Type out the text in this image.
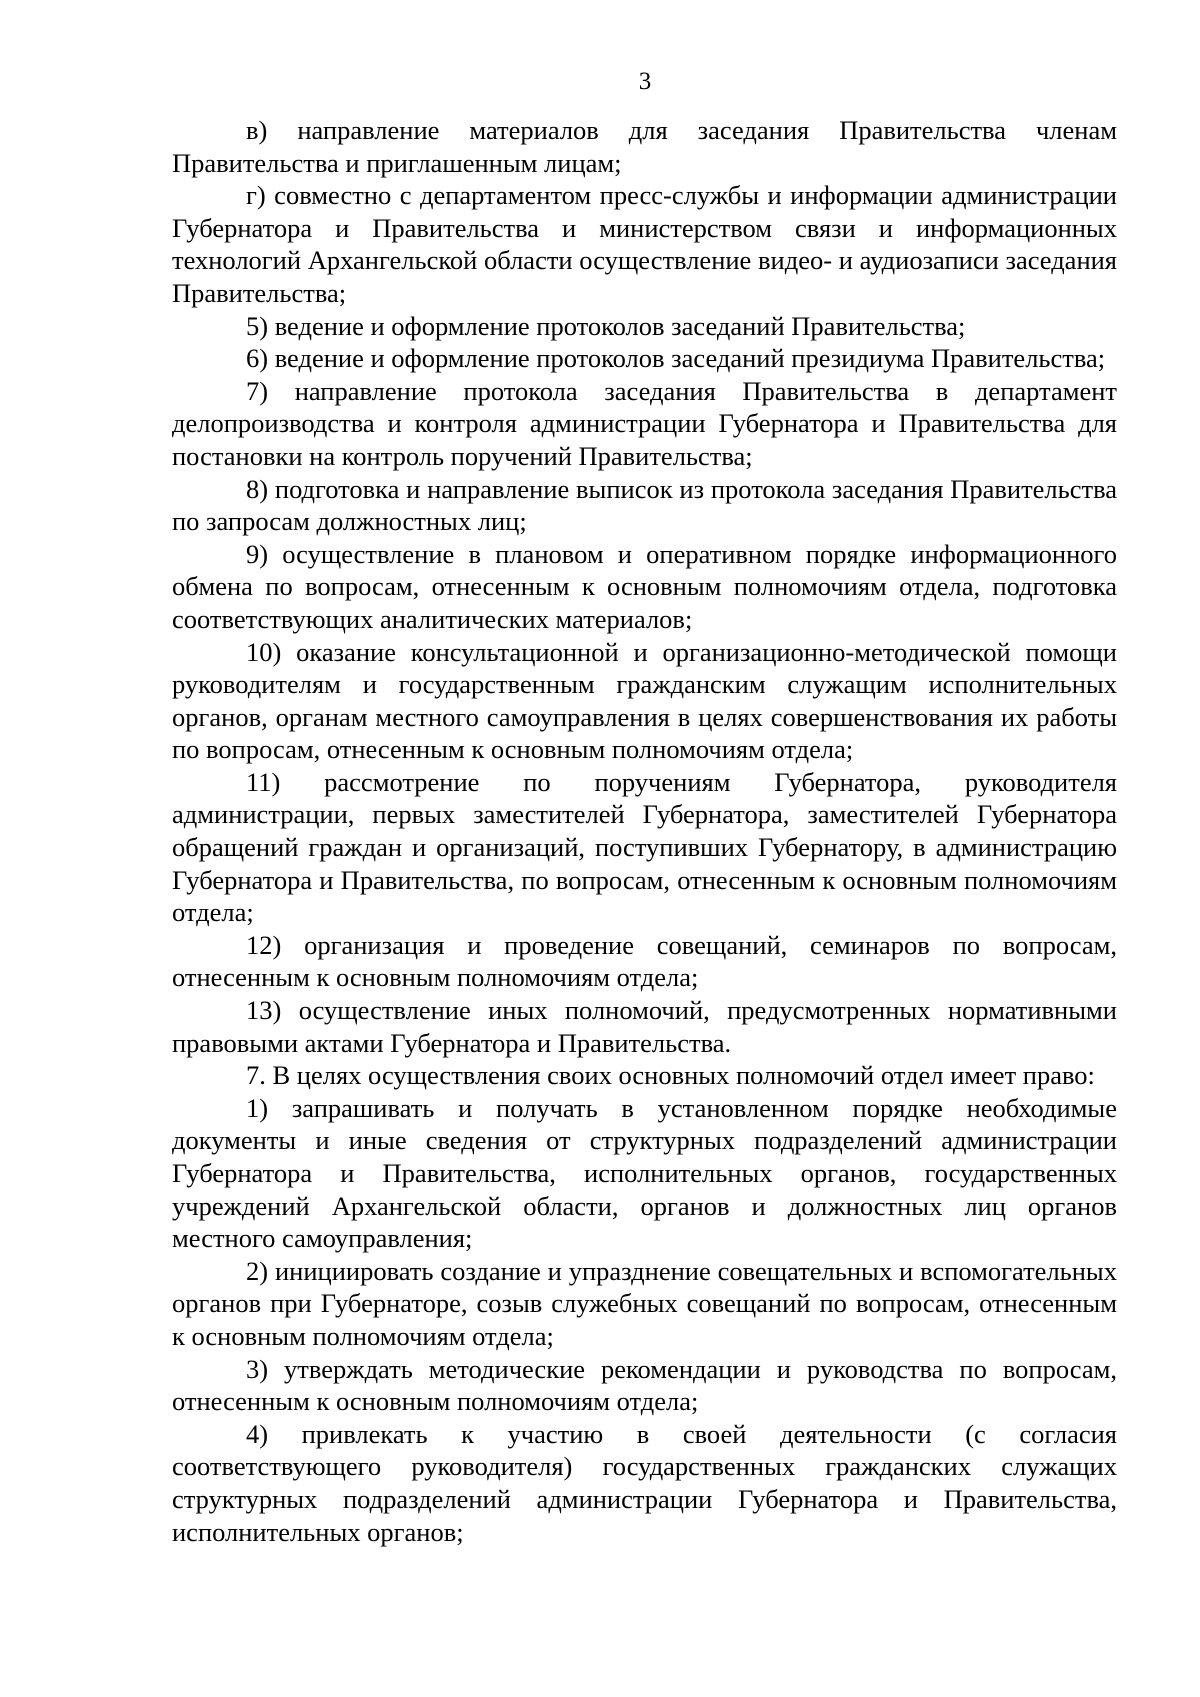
3

в) направление материалов для заседания Правительства членам Правительства и приглашенным лицам;

г) совместно с департаментом пресс-службы и информации администрации Губернатора и Правительства и министерством связи и информационных технологий Архангельской области осуществление видео- и аудиозаписи заседания Правительства;

5) ведение и оформление протоколов заседаний Правительства;

6) ведение и оформление протоколов заседаний президиума Правительства;

7) направление протокола заседания Правительства в департамент делопроизводства и контроля администрации Губернатора и Правительства для постановки на контроль поручений Правительства;

8) подготовка и направление выписок из протокола заседания Правительства по запросам должностных лиц;

9) осуществление в плановом и оперативном порядке информационного обмена по вопросам, отнесенным к основным полномочиям отдела, подготовка соответствующих аналитических материалов;

10) оказание консультационной и организационно-методической помощи руководителям и государственным гражданским служащим исполнительных органов, органам местного самоуправления в целях совершенствования их работы по вопросам, отнесенным к основным полномочиям отдела;

11) рассмотрение по поручениям Губернатора, руководителя администрации, первых заместителей Губернатора, заместителей Губернатора обращений граждан и организаций, поступивших Губернатору, в администрацию Губернатора и Правительства, по вопросам, отнесенным к основным полномочиям отдела;

12) организация и проведение совещаний, семинаров по вопросам, отнесенным к основным полномочиям отдела;

13) осуществление иных полномочий, предусмотренных нормативными правовыми актами Губернатора и Правительства.

7. В целях осуществления своих основных полномочий отдел имеет право:

1) запрашивать и получать в установленном порядке необходимые документы и иные сведения от структурных подразделений администрации Губернатора и Правительства, исполнительных органов, государственных учреждений Архангельской области, органов и должностных лиц органов местного самоуправления;

2) инициировать создание и упразднение совещательных и вспомогательных органов при Губернаторе, созыв служебных совещаний по вопросам, отнесенным к основным полномочиям отдела;

3) утверждать методические рекомендации и руководства по вопросам, отнесенным к основным полномочиям отдела;

4) привлекать к участию в своей деятельности (с согласия соответствующего руководителя) государственных гражданских служащих структурных подразделений администрации Губернатора и Правительства, исполнительных органов;
